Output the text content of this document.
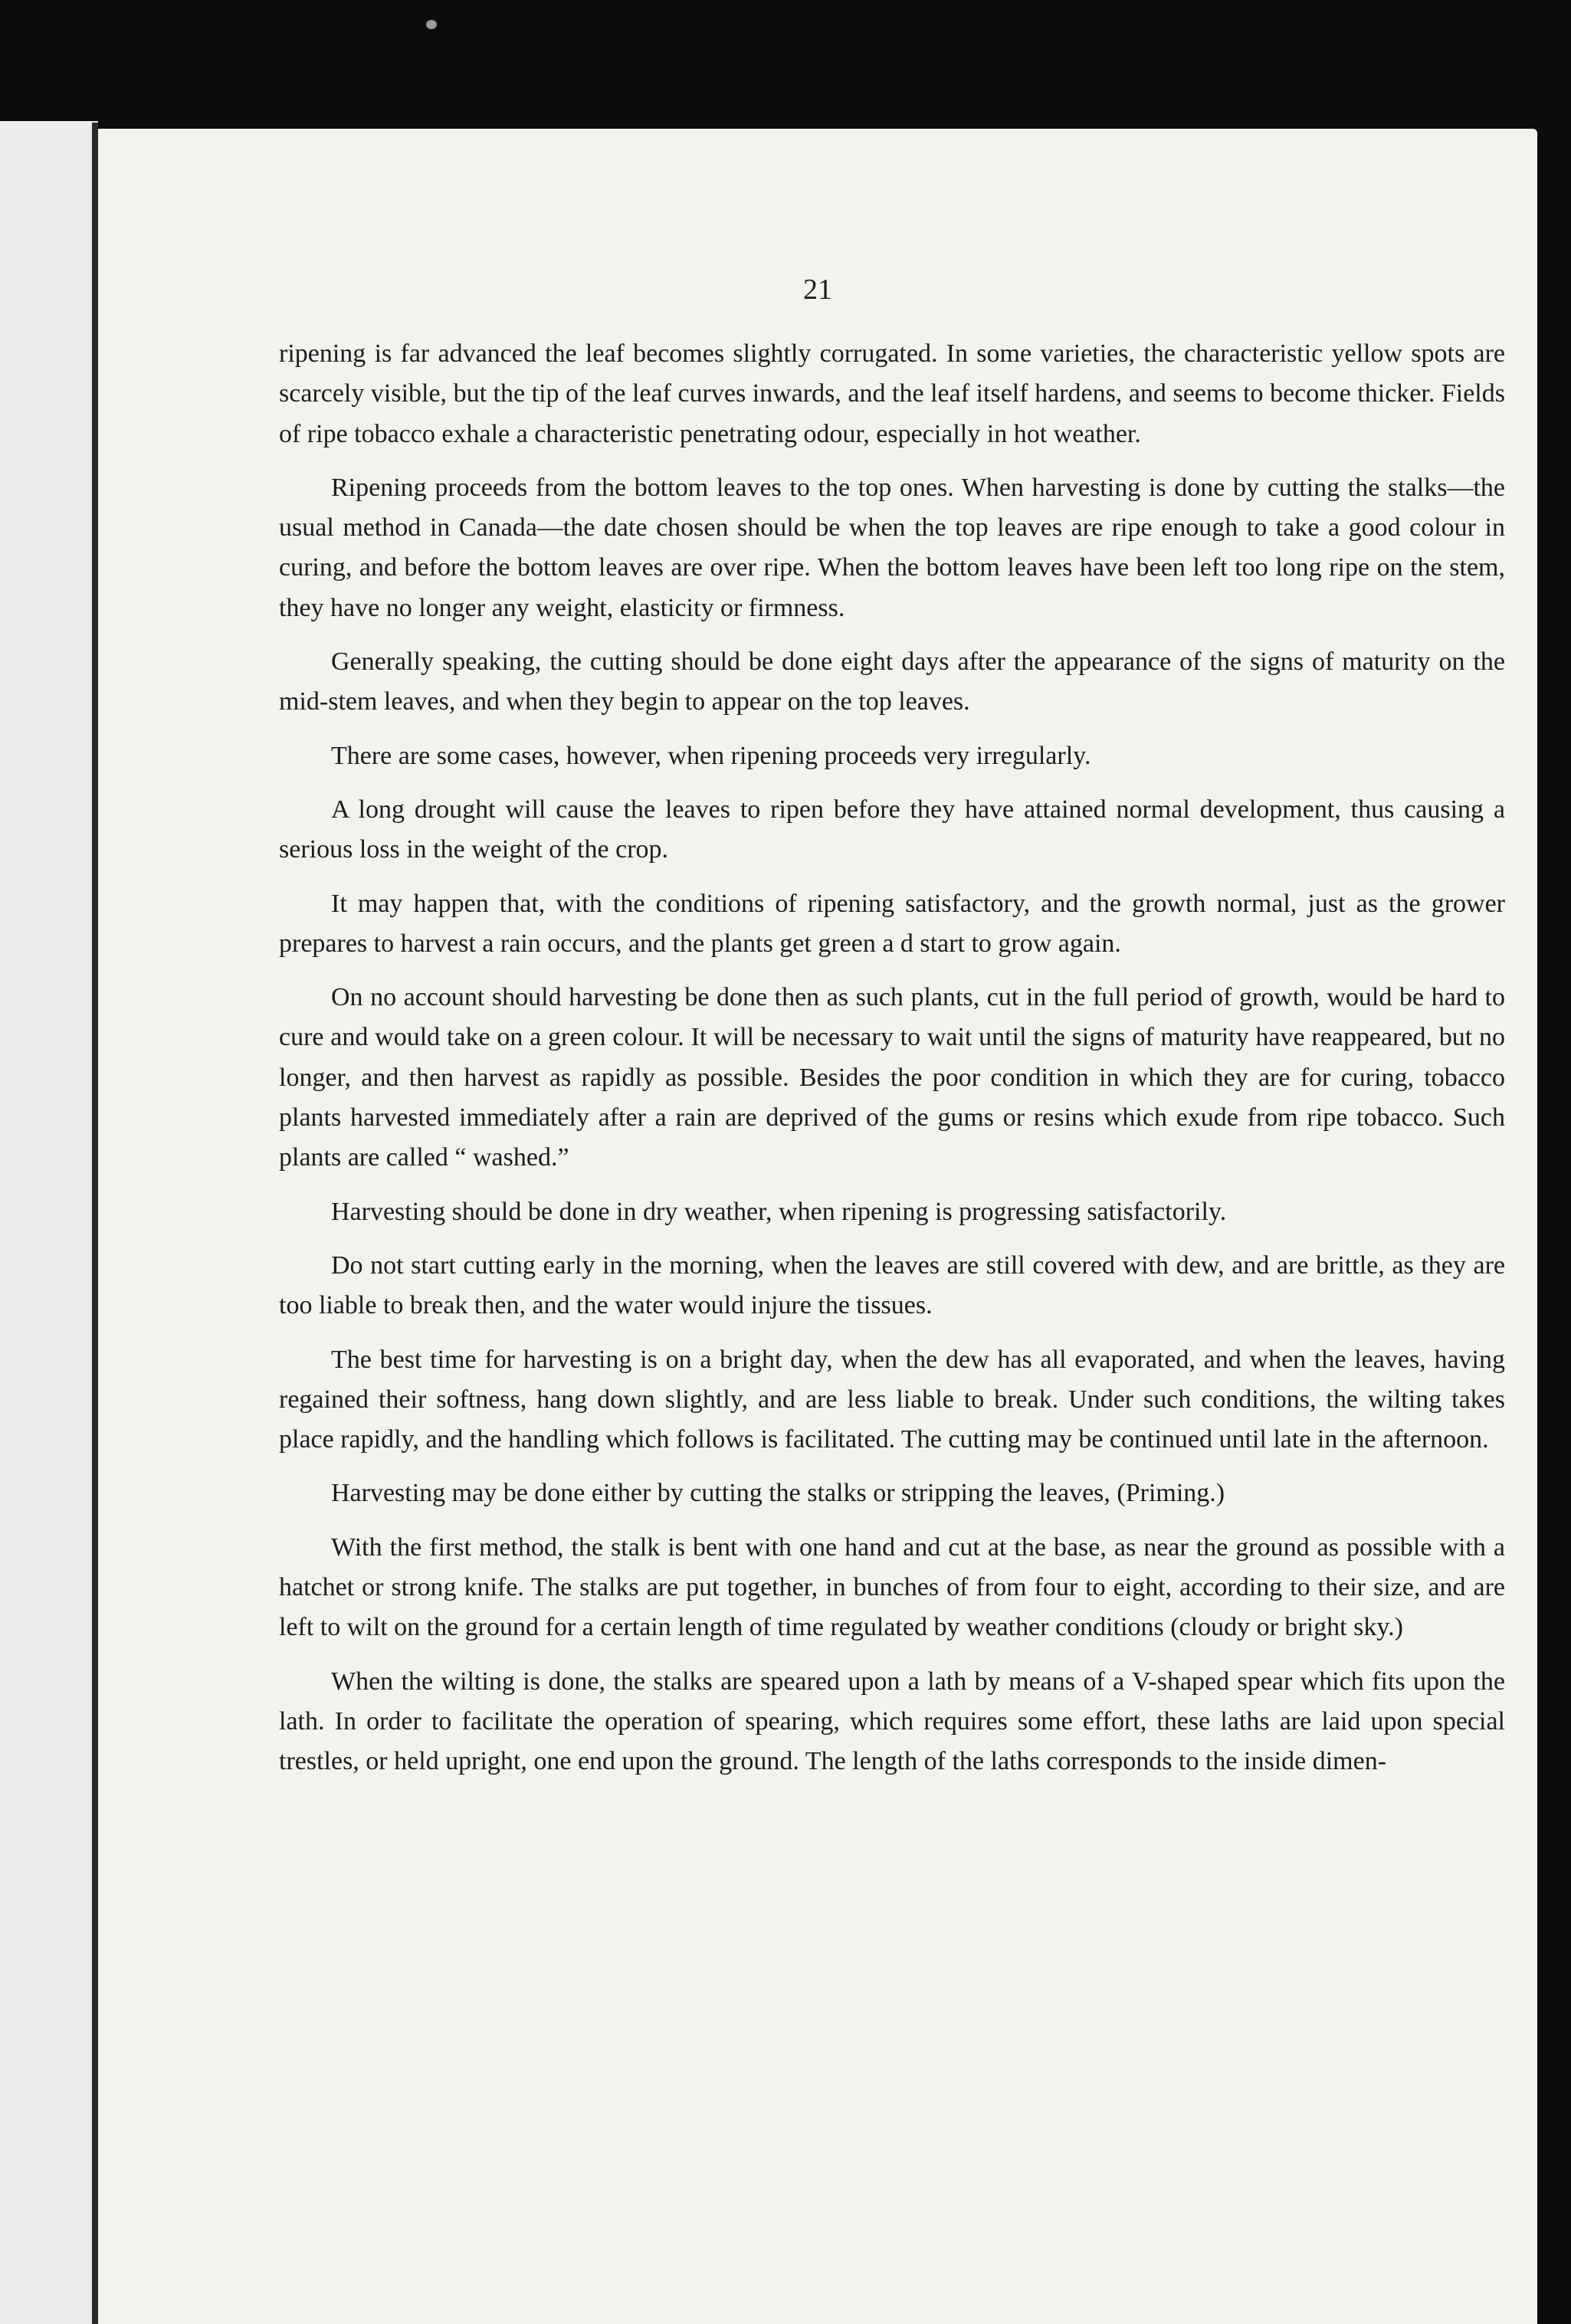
21

ripening is far advanced the leaf becomes slightly corrugated. In some varieties, the characteristic yellow spots are scarcely visible, but the tip of the leaf curves inwards, and the leaf itself hardens, and seems to become thicker. Fields of ripe tobacco exhale a characteristic penetrating odour, especially in hot weather.

Ripening proceeds from the bottom leaves to the top ones. When harvesting is done by cutting the stalks—the usual method in Canada—the date chosen should be when the top leaves are ripe enough to take a good colour in curing, and before the bottom leaves are over ripe. When the bottom leaves have been left too long ripe on the stem, they have no longer any weight, elasticity or firmness.

Generally speaking, the cutting should be done eight days after the appearance of the signs of maturity on the mid-stem leaves, and when they begin to appear on the top leaves.

There are some cases, however, when ripening proceeds very irregularly.

A long drought will cause the leaves to ripen before they have attained normal development, thus causing a serious loss in the weight of the crop.

It may happen that, with the conditions of ripening satisfactory, and the growth normal, just as the grower prepares to harvest a rain occurs, and the plants get green a d start to grow again.

On no account should harvesting be done then as such plants, cut in the full period of growth, would be hard to cure and would take on a green colour. It will be necessary to wait until the signs of maturity have reappeared, but no longer, and then harvest as rapidly as possible. Besides the poor condition in which they are for curing, tobacco plants harvested immediately after a rain are deprived of the gums or resins which exude from ripe tobacco. Such plants are called “ washed.”

Harvesting should be done in dry weather, when ripening is progressing satisfactorily.

Do not start cutting early in the morning, when the leaves are still covered with dew, and are brittle, as they are too liable to break then, and the water would injure the tissues.

The best time for harvesting is on a bright day, when the dew has all evaporated, and when the leaves, having regained their softness, hang down slightly, and are less liable to break. Under such conditions, the wilting takes place rapidly, and the handling which follows is facilitated. The cutting may be continued until late in the afternoon.

Harvesting may be done either by cutting the stalks or stripping the leaves, (Priming.)

With the first method, the stalk is bent with one hand and cut at the base, as near the ground as possible with a hatchet or strong knife. The stalks are put together, in bunches of from four to eight, according to their size, and are left to wilt on the ground for a certain length of time regulated by weather conditions (cloudy or bright sky.)

When the wilting is done, the stalks are speared upon a lath by means of a V-shaped spear which fits upon the lath. In order to facilitate the operation of spearing, which requires some effort, these laths are laid upon special trestles, or held upright, one end upon the ground. The length of the laths corresponds to the inside dimen-
